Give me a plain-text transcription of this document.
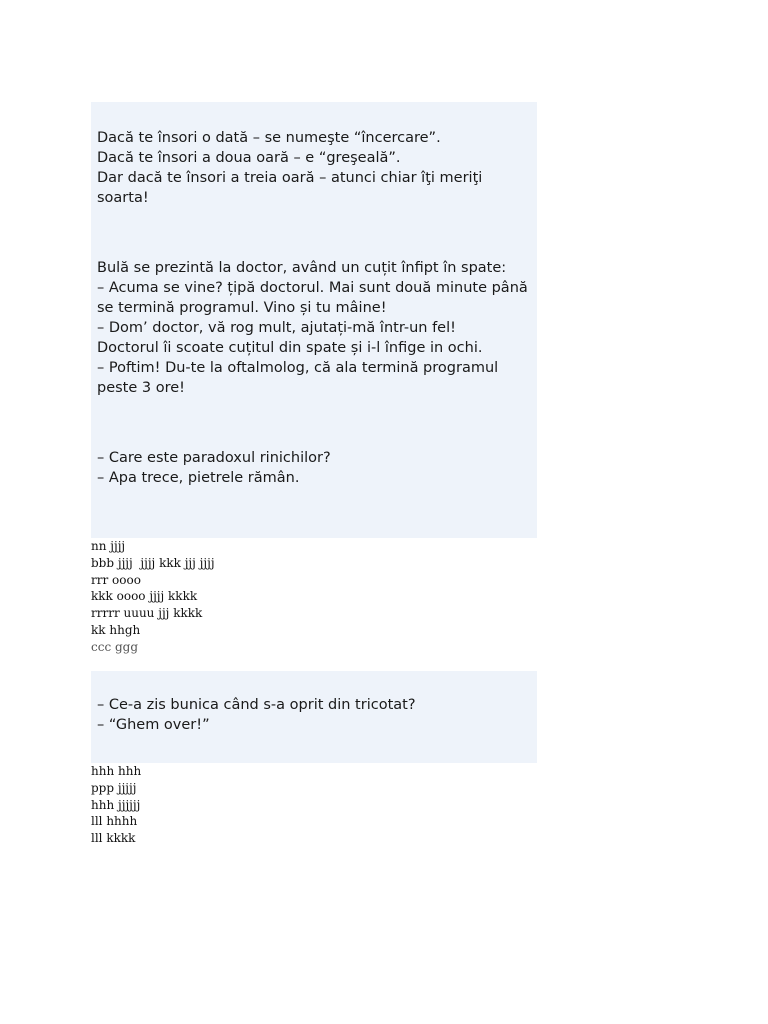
Dacă te însori o dată – se numeşte “încercare”.
Dacă te însori a doua oară – e “greşeală”.
Dar dacă te însori a treia oară – atunci chiar îţi meriţi soarta!

Bulă se prezintă la doctor, având un cuțit înfipt în spate:
– Acuma se vine? țipă doctorul. Mai sunt două minute până se termină programul. Vino și tu mâine!
– Dom’ doctor, vă rog mult, ajutați-mă într-un fel!
Doctorul îi scoate cuțitul din spate și i-l înfige in ochi.
– Poftim! Du-te la oftalmolog, că ala termină programul peste 3 ore!

– Care este paradoxul rinichilor?
– Apa trece, pietrele rămân.

nn jjjj
bbb jjjj  jjjj kkk jjj jjjj
rrr oooo
kkk oooo jjjj kkkk
rrrrr uuuu jjj kkkk
kk hhgh
ccc ggg

– Ce-a zis bunica când s-a oprit din tricotat?
– “Ghem over!”

hhh hhh
ppp jjjjj
hhh jjjjjj
lll hhhh
lll kkkk
